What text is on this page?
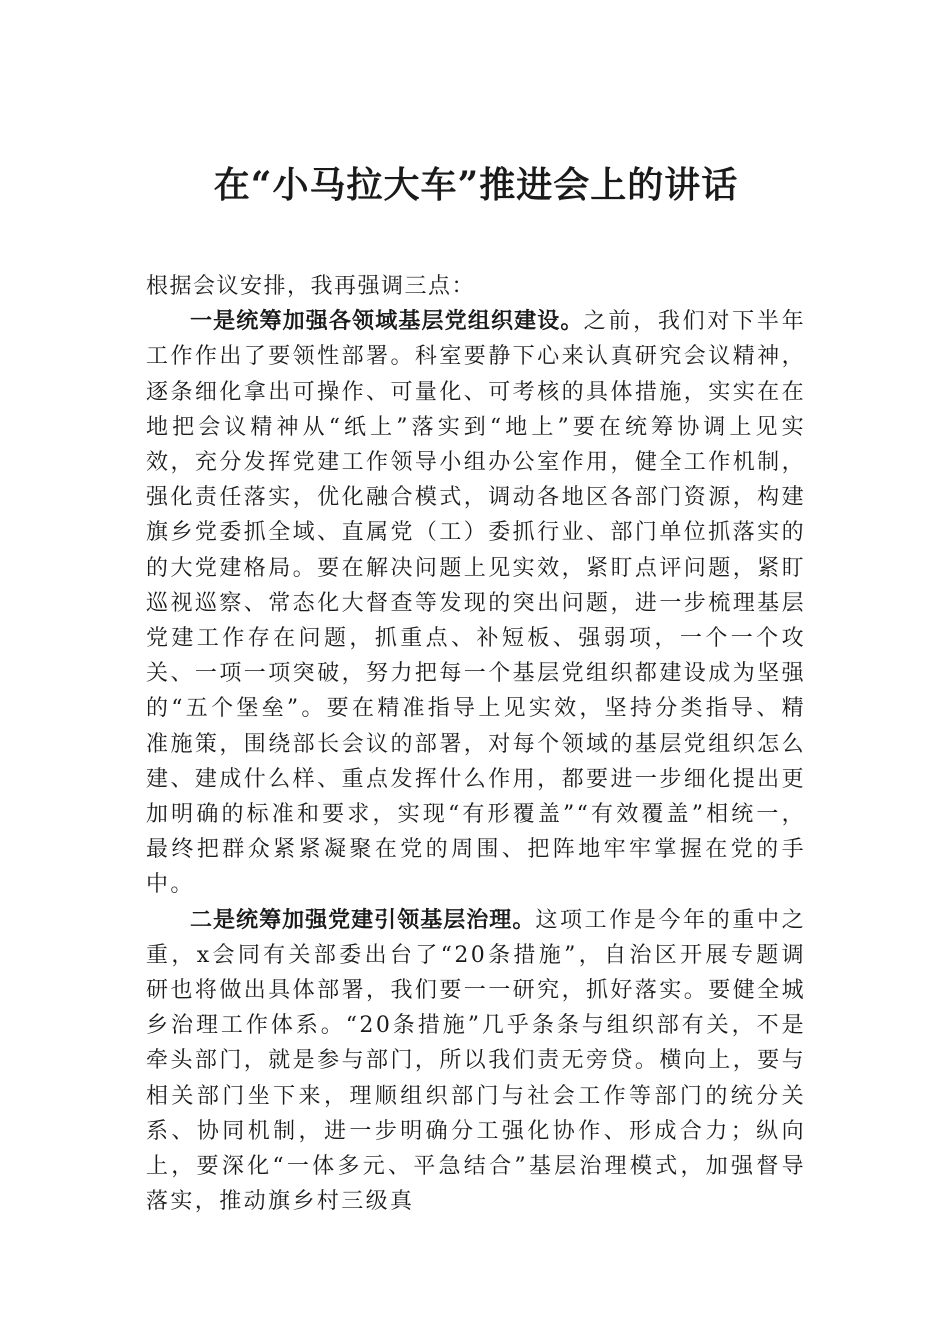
在“小马拉大车”推进会上的讲话

根据会议安排，我再强调三点：

一是统筹加强各领域基层党组织建设。之前，我们对下半年工作作出了要领性部署。科室要静下心来认真研究会议精神，逐条细化拿出可操作、可量化、可考核的具体措施，实实在在地把会议精神从“纸上”落实到“地上”要在统筹协调上见实效，充分发挥党建工作领导小组办公室作用，健全工作机制，强化责任落实，优化融合模式，调动各地区各部门资源，构建旗乡党委抓全域、直属党（工）委抓行业、部门单位抓落实的的大党建格局。要在解决问题上见实效，紧盯点评问题，紧盯巡视巡察、常态化大督查等发现的突出问题，进一步梳理基层党建工作存在问题，抓重点、补短板、强弱项，一个一个攻关、一项一项突破，努力把每一个基层党组织都建设成为坚强的“五个堡垒”。要在精准指导上见实效，坚持分类指导、精准施策，围绕部长会议的部署，对每个领域的基层党组织怎么建、建成什么样、重点发挥什么作用，都要进一步细化提出更加明确的标准和要求，实现“有形覆盖”“有效覆盖”相统一，最终把群众紧紧凝聚在党的周围、把阵地牢牢掌握在党的手中。

二是统筹加强党建引领基层治理。这项工作是今年的重中之重，x会同有关部委出台了“20条措施”，自治区开展专题调研也将做出具体部署，我们要一一研究，抓好落实。要健全城乡治理工作体系。“20条措施”几乎条条与组织部有关，不是牵头部门，就是参与部门，所以我们责无旁贷。横向上，要与相关部门坐下来，理顺组织部门与社会工作等部门的统分关系、协同机制，进一步明确分工强化协作、形成合力；纵向上，要深化“一体多元、平急结合”基层治理模式，加强督导落实，推动旗乡村三级真
